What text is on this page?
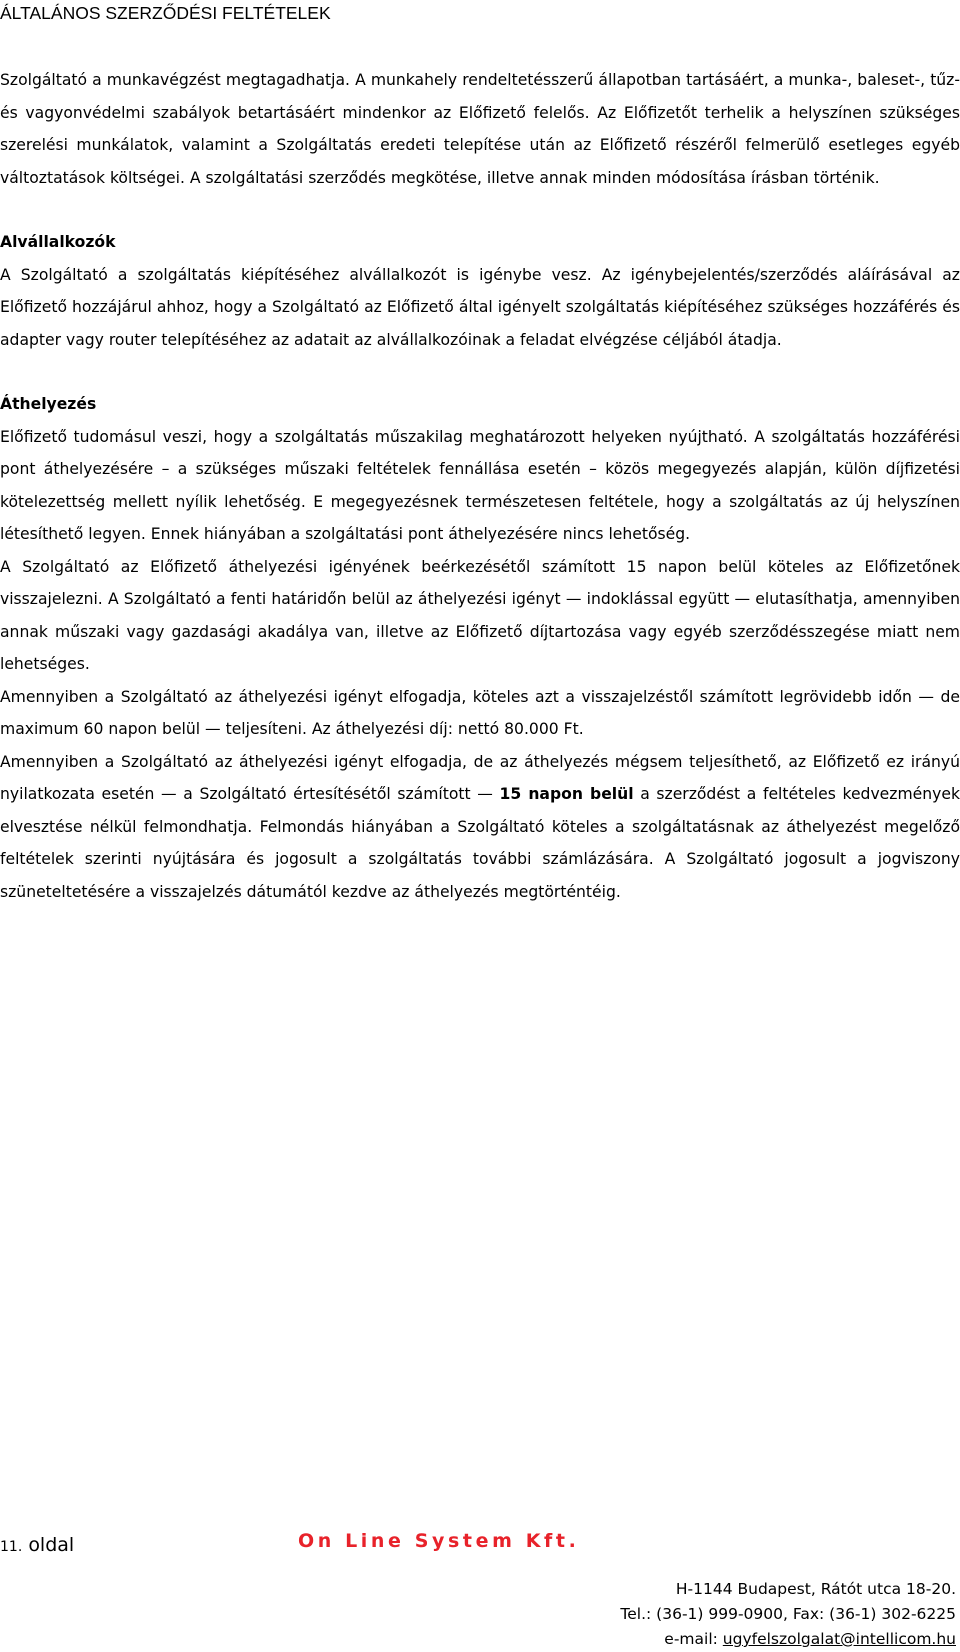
ÁLTALÁNOS SZERZŐDÉSI FELTÉTELEK

Szolgáltató a munkavégzést megtagadhatja. A munkahely rendeltetésszerű állapotban tartásáért, a munka-, baleset-, tűz- és vagyonvédelmi szabályok betartásáért mindenkor az Előfizető felelős. Az Előfizetőt terhelik a helyszínen szükséges szerelési munkálatok, valamint a Szolgáltatás eredeti telepítése után az Előfizető részéről felmerülő esetleges egyéb változtatások költségei. A szolgáltatási szerződés megkötése, illetve annak minden módosítása írásban történik.

Alvállalkozók

A Szolgáltató a szolgáltatás kiépítéséhez alvállalkozót is igénybe vesz. Az igénybejelentés/szerződés aláírásával az Előfizető hozzájárul ahhoz, hogy a Szolgáltató az Előfizető által igényelt szolgáltatás kiépítéséhez szükséges hozzáférés és adapter vagy router telepítéséhez az adatait az alvállalkozóinak a feladat elvégzése céljából átadja.

Áthelyezés

Előfizető tudomásul veszi, hogy a szolgáltatás műszakilag meghatározott helyeken nyújtható. A szolgáltatás hozzáférési pont áthelyezésére – a szükséges műszaki feltételek fennállása esetén – közös megegyezés alapján, külön díjfizetési kötelezettség mellett nyílik lehetőség. E megegyezésnek természetesen feltétele, hogy a szolgáltatás az új helyszínen létesíthető legyen. Ennek hiányában a szolgáltatási pont áthelyezésére nincs lehetőség.

A Szolgáltató az Előfizető áthelyezési igényének beérkezésétől számított 15 napon belül köteles az Előfizetőnek visszajelezni. A Szolgáltató a fenti határidőn belül az áthelyezési igényt — indoklással együtt — elutasíthatja, amennyiben annak műszaki vagy gazdasági akadálya van, illetve az Előfizető díjtartozása vagy egyéb szerződésszegése miatt nem lehetséges.

Amennyiben a Szolgáltató az áthelyezési igényt elfogadja, köteles azt a visszajelzéstől számított legrövidebb időn — de maximum 60 napon belül — teljesíteni. Az áthelyezési díj: nettó 80.000 Ft.

Amennyiben a Szolgáltató az áthelyezési igényt elfogadja, de az áthelyezés mégsem teljesíthető, az Előfizető ez irányú nyilatkozata esetén — a Szolgáltató értesítésétől számított — 15 napon belül a szerződést a feltételes kedvezmények elvesztése nélkül felmondhatja. Felmondás hiányában a Szolgáltató köteles a szolgáltatásnak az áthelyezést megelőző feltételek szerinti nyújtására és jogosult a szolgáltatás további számlázására. A Szolgáltató jogosult a jogviszony szüneteltetésére a visszajelzés dátumától kezdve az áthelyezés megtörténtéig.

11. oldal	On Line System Kft.
H-1144 Budapest, Rátót utca 18-20.
Tel.: (36-1) 999-0900, Fax: (36-1) 302-6225
e-mail: ugyfelszolgalat@intellicom.hu
